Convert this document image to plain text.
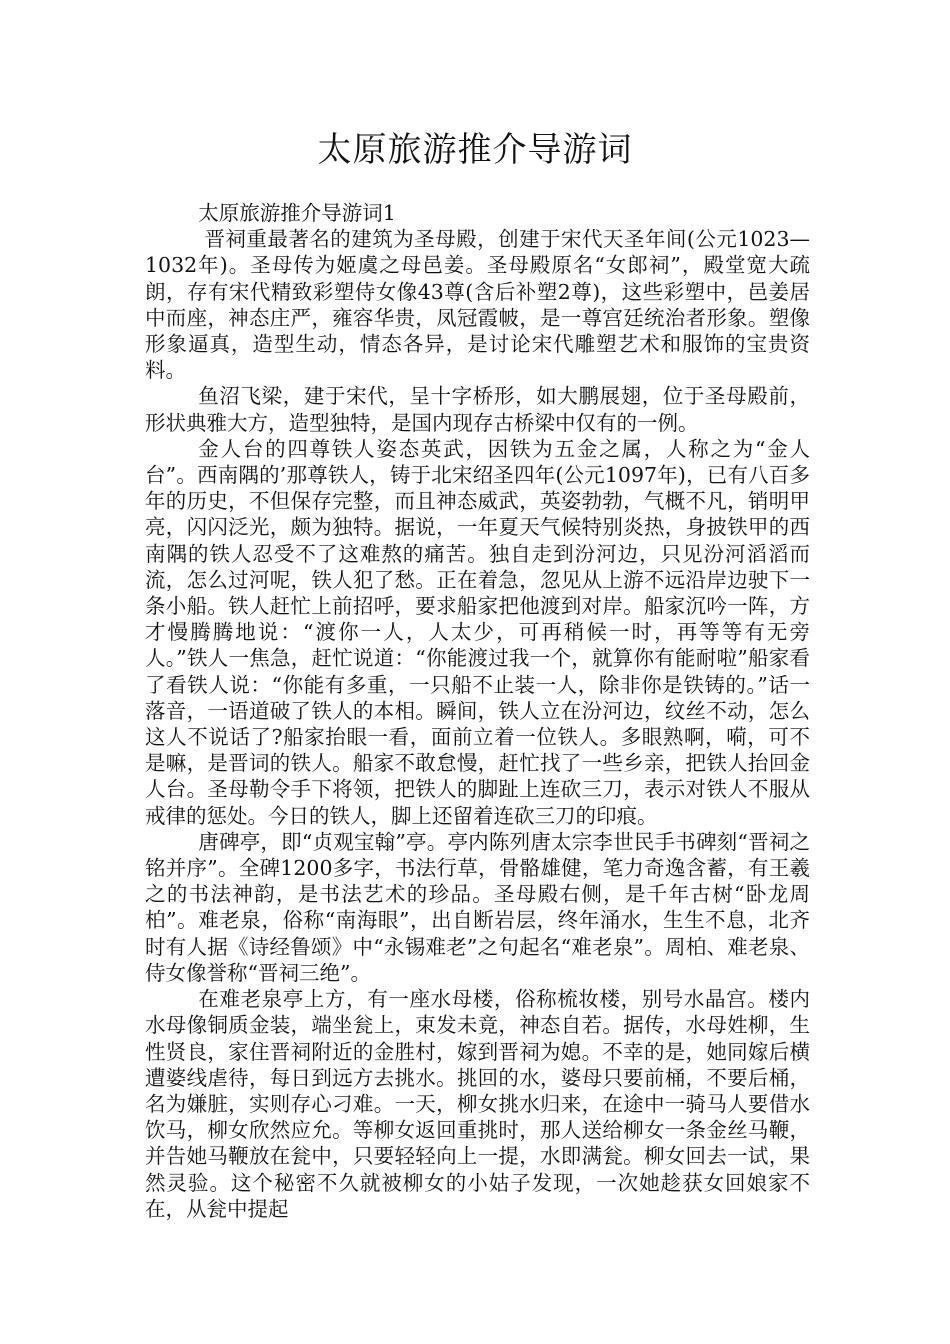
太原旅游推介导游词

太原旅游推介导游词1

晋祠重最著名的建筑为圣母殿，创建于宋代天圣年间(公元1023—1032年)。圣母传为姬虞之母邑姜。圣母殿原名“女郎祠”，殿堂宽大疏朗，存有宋代精致彩塑侍女像43尊(含后补塑2尊)，这些彩塑中，邑姜居中而座，神态庄严，雍容华贵，凤冠霞帔，是一尊宫廷统治者形象。塑像形象逼真，造型生动，情态各异，是讨论宋代雕塑艺术和服饰的宝贵资料。

鱼沼飞梁，建于宋代，呈十字桥形，如大鹏展翅，位于圣母殿前，形状典雅大方，造型独特，是国内现存古桥梁中仅有的一例。

金人台的四尊铁人姿态英武，因铁为五金之属，人称之为“金人台”。西南隅的’那尊铁人，铸于北宋绍圣四年(公元1097年)，已有八百多年的历史，不但保存完整，而且神态威武，英姿勃勃，气概不凡，销明甲亮，闪闪泛光，颇为独特。据说，一年夏天气候特别炎热，身披铁甲的西南隅的铁人忍受不了这难熬的痛苦。独自走到汾河边，只见汾河滔滔而流，怎么过河呢，铁人犯了愁。正在着急，忽见从上游不远沿岸边驶下一条小船。铁人赶忙上前招呼，要求船家把他渡到对岸。船家沉吟一阵，方才慢腾腾地说：“渡你一人，人太少，可再稍候一时，再等等有无旁人。”铁人一焦急，赶忙说道：“你能渡过我一个，就算你有能耐啦”船家看了看铁人说：“你能有多重，一只船不止装一人，除非你是铁铸的。”话一落音，一语道破了铁人的本相。瞬间，铁人立在汾河边，纹丝不动，怎么这人不说话了?船家抬眼一看，面前立着一位铁人。多眼熟啊，嗬，可不是嘛，是晋词的铁人。船家不敢怠慢，赶忙找了一些乡亲，把铁人抬回金人台。圣母勒令手下将领，把铁人的脚趾上连砍三刀，表示对铁人不服从戒律的惩处。今日的铁人，脚上还留着连砍三刀的印痕。

唐碑亭，即“贞观宝翰”亭。亭内陈列唐太宗李世民手书碑刻“晋祠之铭并序”。全碑1200多字，书法行草，骨骼雄健，笔力奇逸含蓄，有王羲之的书法神韵，是书法艺术的珍品。圣母殿右侧，是千年古树“卧龙周柏”。难老泉，俗称“南海眼”，出自断岩层，终年涌水，生生不息，北齐时有人据《诗经鲁颂》中“永锡难老”之句起名“难老泉”。周柏、难老泉、侍女像誉称“晋祠三绝”。

在难老泉亭上方，有一座水母楼，俗称梳妆楼，别号水晶宫。楼内水母像铜质金装，端坐瓮上，束发未竟，神态自若。据传，水母姓柳，生性贤良，家住晋祠附近的金胜村，嫁到晋祠为媳。不幸的是，她同嫁后横遭婆线虐待，每日到远方去挑水。挑回的水，婆母只要前桶，不要后桶，名为嫌脏，实则存心刁难。一天，柳女挑水归来，在途中一骑马人要借水饮马，柳女欣然应允。等柳女返回重挑时，那人送给柳女一条金丝马鞭，并告她马鞭放在瓮中，只要轻轻向上一提，水即满瓮。柳女回去一试，果然灵验。这个秘密不久就被柳女的小姑子发现，一次她趁获女回娘家不在，从瓮中提起
